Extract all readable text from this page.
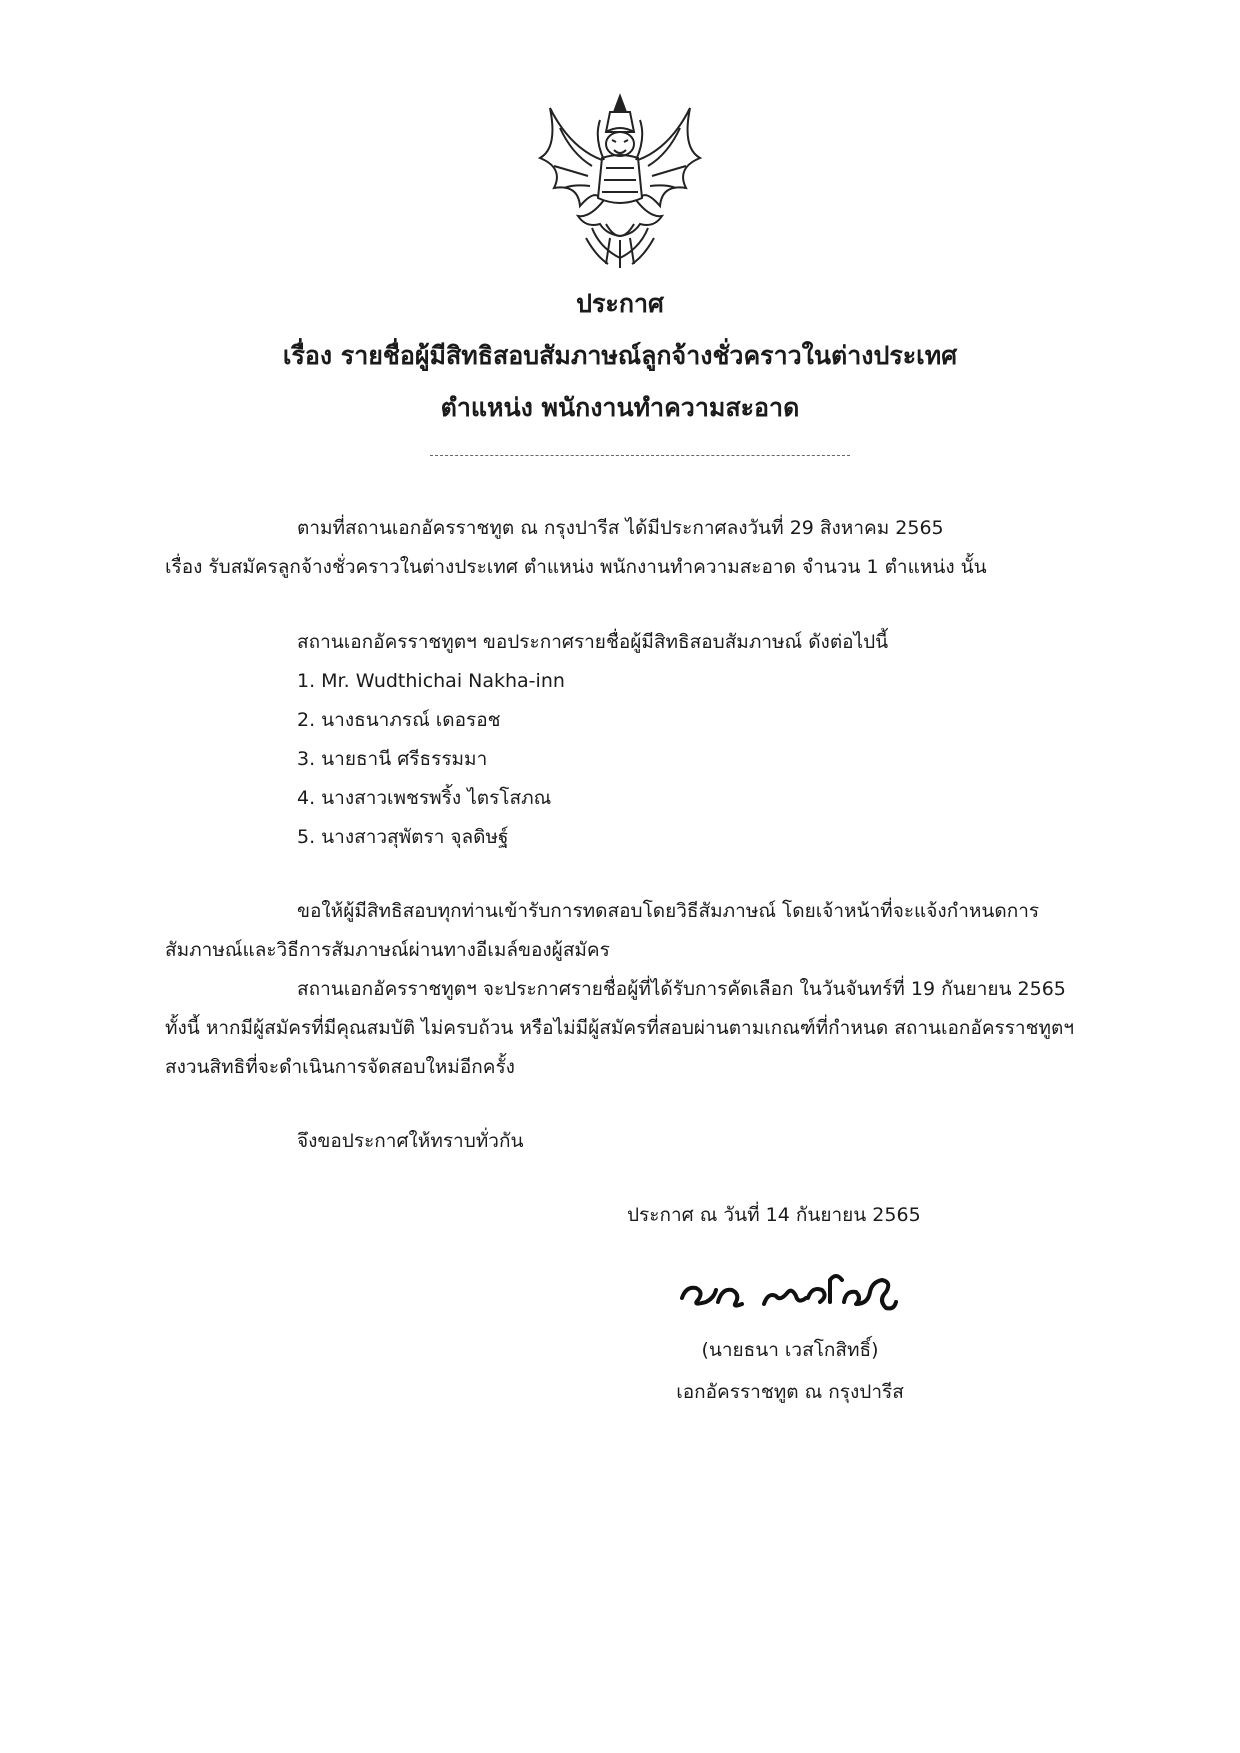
ประกาศ
เรื่อง รายชื่อผู้มีสิทธิสอบสัมภาษณ์ลูกจ้างชั่วคราวในต่างประเทศ
ตำแหน่ง พนักงานทำความสะอาด
ตามที่สถานเอกอัครราชทูต ณ กรุงปารีส ได้มีประกาศลงวันที่ 29 สิงหาคม 2565
เรื่อง รับสมัครลูกจ้างชั่วคราวในต่างประเทศ ตำแหน่ง พนักงานทำความสะอาด จำนวน 1 ตำแหน่ง นั้น
สถานเอกอัครราชทูตฯ ขอประกาศรายชื่อผู้มีสิทธิสอบสัมภาษณ์ ดังต่อไปนี้
1. Mr. Wudthichai Nakha-inn
2. นางธนาภรณ์ เดอรอช
3. นายธานี ศรีธรรมมา
4. นางสาวเพชรพริ้ง ไตรโสภณ
5. นางสาวสุพัตรา จุลดิษฐ์
ขอให้ผู้มีสิทธิสอบทุกท่านเข้ารับการทดสอบโดยวิธีสัมภาษณ์ โดยเจ้าหน้าที่จะแจ้งกำหนดการ
สัมภาษณ์และวิธีการสัมภาษณ์ผ่านทางอีเมล์ของผู้สมัคร
สถานเอกอัครราชทูตฯ จะประกาศรายชื่อผู้ที่ได้รับการคัดเลือก ในวันจันทร์ที่ 19 กันยายน 2565
ทั้งนี้ หากมีผู้สมัครที่มีคุณสมบัติ ไม่ครบถ้วน หรือไม่มีผู้สมัครที่สอบผ่านตามเกณฑ์ที่กำหนด สถานเอกอัครราชทูตฯ
สงวนสิทธิที่จะดำเนินการจัดสอบใหม่อีกครั้ง
จึงขอประกาศให้ทราบทั่วกัน
ประกาศ ณ วันที่ 14 กันยายน 2565
(นายธนา เวสโกสิทธิ์)
เอกอัครราชทูต ณ กรุงปารีส
